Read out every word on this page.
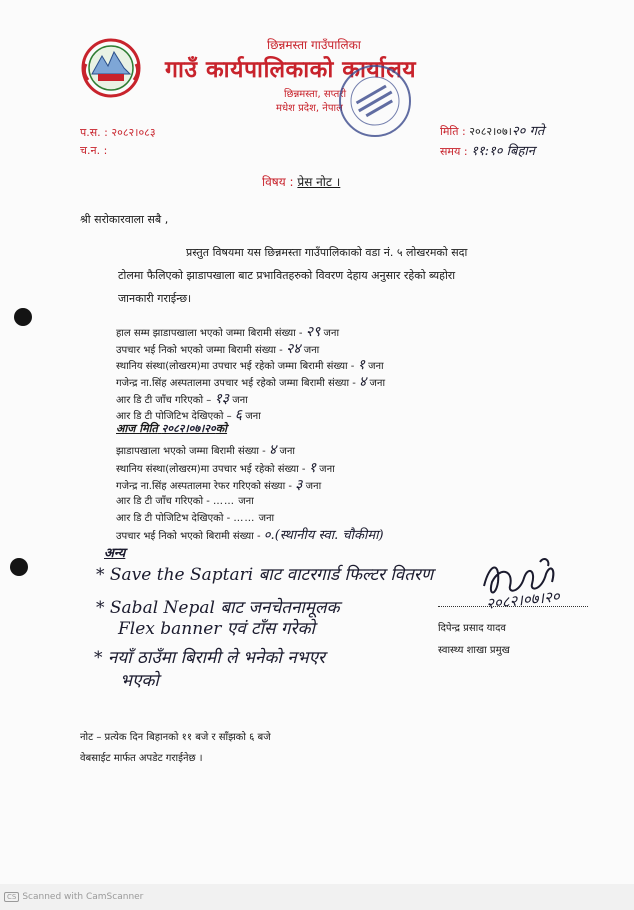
छिन्नमस्ता गाउँपालिका
गाउँ कार्यपालिकाको कार्यालय
छिन्नमस्ता, सप्तरी
मधेश प्रदेश, नेपाल
प.स. : २०८२।०८३
च.न. :
मिति : २०८२।०७।२० गते
समय : ११:१० बिहान
विषय : प्रेस नोट ।
श्री सरोकारवाला सबै ,
प्रस्तुत विषयमा यस छिन्नमस्ता गाउँपालिकाको वडा नं. ५ लोखरमको सदा
टोलमा फैलिएको झाडापखाला बाट प्रभावितहरुको विवरण देहाय अनुसार रहेको ब्यहोरा
जानकारी गराईन्छ।
हाल सम्म झाडापखाला भएको जम्मा बिरामी संख्या - २९ जना
उपचार भई निको भएको जम्मा बिरामी संख्या - २४ जना
स्थानिय संस्था(लोखरम)मा उपचार भई रहेको जम्मा बिरामी संख्या - १ जना
गजेन्द्र ना.सिंह अस्पतालमा उपचार भई रहेको जम्मा बिरामी संख्या - ४ जना
आर डि टी जाँच गरिएको – १३ जना
आर डि टी पोजिटिभ देखिएको – ६ जना
आज मिति २०८२।०७।२०को
झाडापखाला भएको जम्मा बिरामी संख्या - ४ जना
स्थानिय संस्था(लोखरम)मा उपचार भई रहेको संख्या - १ जना
गजेन्द्र ना.सिंह अस्पतालमा रेफर गरिएको संख्या - ३ जना
आर डि टी जाँच गरिएको - …… जना
आर डि टी पोजिटिभ देखिएको - …… जना
उपचार भई निको भएको बिरामी संख्या - ०.(स्थानीय स्वा. चौकीमा)
अन्य
* Save the Saptari बाट वाटरगार्ड फिल्टर वितरण
* Sabal Nepal बाट जनचेतनामूलक
Flex banner एवं टाँस गरेको
* नयाँ ठाउँमा बिरामी ले भनेको नभएर
भएको
Dipendra
२०८२।०७।२०
दिपेन्द्र प्रसाद यादव
स्वास्थ्य शाखा प्रमुख
नोट – प्रत्येक दिन बिहानको ११ बजे र साँझको ६ बजे
वेबसाईट मार्फत अपडेट गराईनेछ ।
CS Scanned with CamScanner
